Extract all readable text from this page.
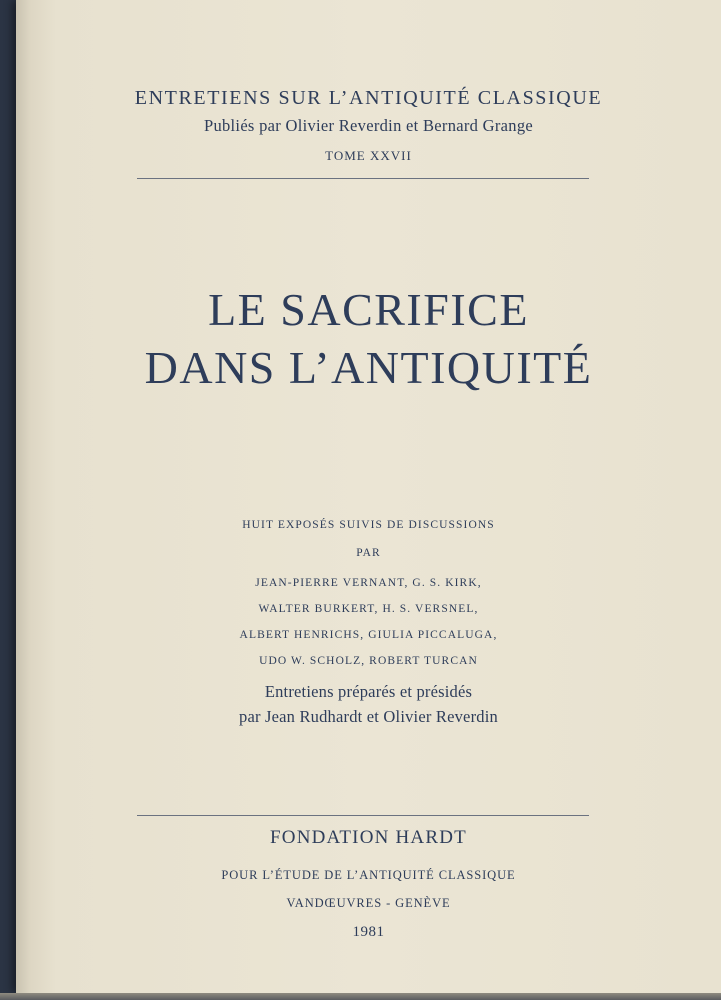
ENTRETIENS SUR L’ANTIQUITÉ CLASSIQUE
Publiés par Olivier Reverdin et Bernard Grange
TOME XXVII
LE SACRIFICE
DANS L’ANTIQUITÉ
HUIT EXPOSÉS SUIVIS DE DISCUSSIONS
PAR
JEAN-PIERRE VERNANT, G. S. KIRK,
WALTER BURKERT, H. S. VERSNEL,
ALBERT HENRICHS, GIULIA PICCALUGA,
UDO W. SCHOLZ, ROBERT TURCAN
Entretiens préparés et présidés
par Jean Rudhardt et Olivier Reverdin
FONDATION HARDT
POUR L’ÉTUDE DE L’ANTIQUITÉ CLASSIQUE
VANDŒUVRES - GENÈVE
1981
